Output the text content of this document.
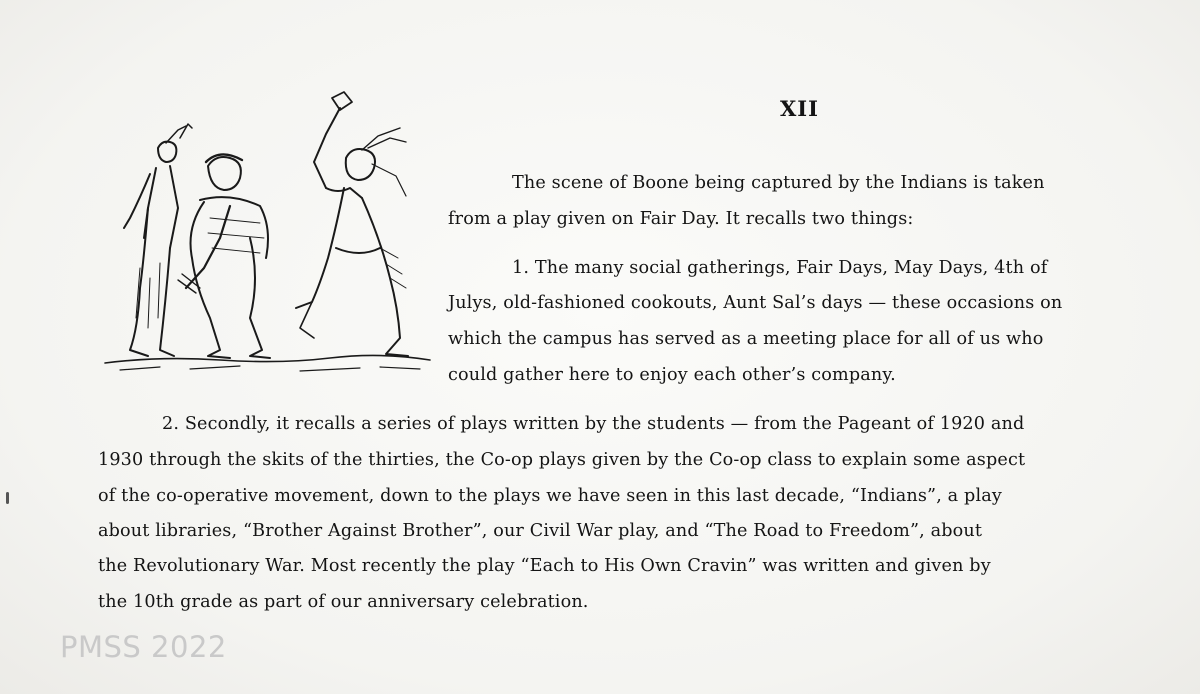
XII
The scene of Boone being captured by the Indians is taken
from a play given on Fair Day. It recalls two things:
1. The many social gatherings, Fair Days, May Days, 4th of
Julys, old-fashioned cookouts, Aunt Sal’s days — these occasions on
which the campus has served as a meeting place for all of us who
could gather here to enjoy each other’s company.
2. Secondly, it recalls a series of plays written by the students — from the Pageant of 1920 and
1930 through the skits of the thirties, the Co-op plays given by the Co-op class to explain some aspect
of the co-operative movement, down to the plays we have seen in this last decade, “Indians”, a play
about libraries, “Brother Against Brother”, our Civil War play, and “The Road to Freedom”, about
the Revolutionary War. Most recently the play “Each to His Own Cravin” was written and given by
the 10th grade as part of our anniversary celebration.
PMSS 2022
